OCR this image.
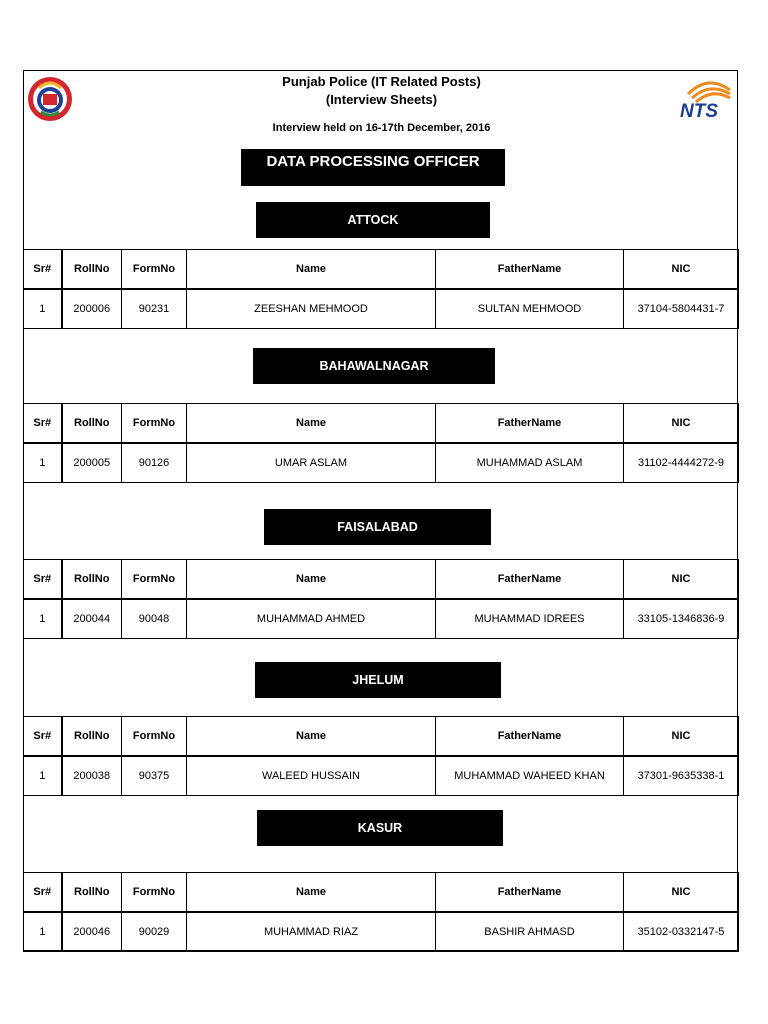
Punjab Police (IT Related Posts)
(Interview Sheets)
Interview held on 16-17th December, 2016
NTS
DATA PROCESSING OFFICER
ATTOCK
Sr#	RollNo	FormNo	Name	FatherName	NIC
1	200006	90231	ZEESHAN MEHMOOD	SULTAN MEHMOOD	37104-5804431-7
BAHAWALNAGAR
Sr#	RollNo	FormNo	Name	FatherName	NIC
1	200005	90126	UMAR ASLAM	MUHAMMAD ASLAM	31102-4444272-9
FAISALABAD
Sr#	RollNo	FormNo	Name	FatherName	NIC
1	200044	90048	MUHAMMAD AHMED	MUHAMMAD IDREES	33105-1346836-9
JHELUM
Sr#	RollNo	FormNo	Name	FatherName	NIC
1	200038	90375	WALEED HUSSAIN	MUHAMMAD WAHEED KHAN	37301-9635338-1
KASUR
Sr#	RollNo	FormNo	Name	FatherName	NIC
1	200046	90029	MUHAMMAD RIAZ	BASHIR AHMASD	35102-0332147-5
